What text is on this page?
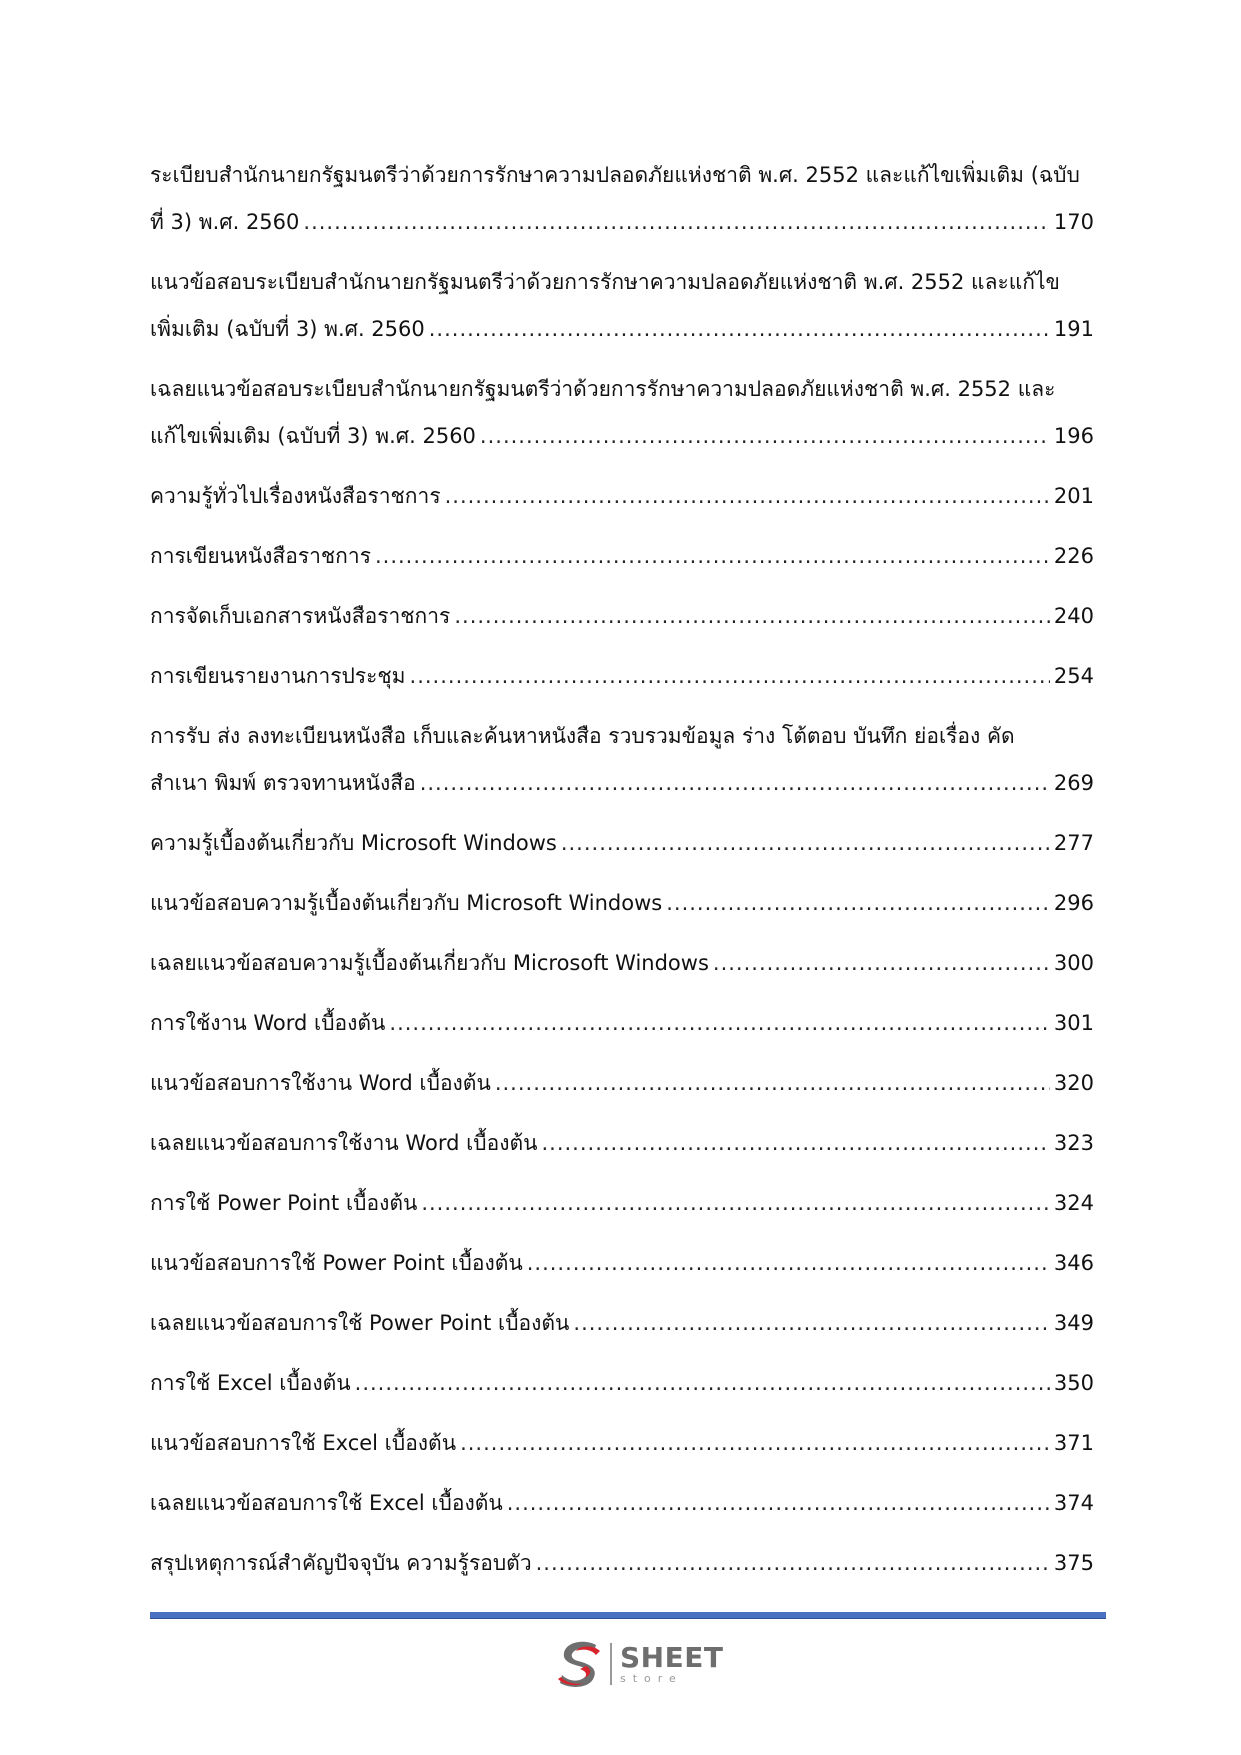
ระเบียบสำนักนายกรัฐมนตรีว่าด้วยการรักษาความปลอดภัยแห่งชาติ พ.ศ. 2552 และแก้ไขเพิ่มเติม (ฉบับ
ที่ 3) พ.ศ. 2560 .....	170
แนวข้อสอบระเบียบสำนักนายกรัฐมนตรีว่าด้วยการรักษาความปลอดภัยแห่งชาติ พ.ศ. 2552 และแก้ไข
เพิ่มเติม (ฉบับที่ 3) พ.ศ. 2560 .....	191
เฉลยแนวข้อสอบระเบียบสำนักนายกรัฐมนตรีว่าด้วยการรักษาความปลอดภัยแห่งชาติ พ.ศ. 2552 และ
แก้ไขเพิ่มเติม (ฉบับที่ 3) พ.ศ. 2560 .....	196
ความรู้ทั่วไปเรื่องหนังสือราชการ .....	201
การเขียนหนังสือราชการ .....	226
การจัดเก็บเอกสารหนังสือราชการ .....	240
การเขียนรายงานการประชุม .....	254
การรับ ส่ง ลงทะเบียนหนังสือ เก็บและค้นหาหนังสือ รวบรวมข้อมูล ร่าง โต้ตอบ บันทึก ย่อเรื่อง คัด
สำเนา พิมพ์ ตรวจทานหนังสือ .....	269
ความรู้เบื้องต้นเกี่ยวกับ Microsoft Windows .....	277
แนวข้อสอบความรู้เบื้องต้นเกี่ยวกับ Microsoft Windows .....	296
เฉลยแนวข้อสอบความรู้เบื้องต้นเกี่ยวกับ Microsoft Windows .....	300
การใช้งาน Word เบื้องต้น .....	301
แนวข้อสอบการใช้งาน Word เบื้องต้น .....	320
เฉลยแนวข้อสอบการใช้งาน Word เบื้องต้น .....	323
การใช้ Power Point เบื้องต้น .....	324
แนวข้อสอบการใช้ Power Point เบื้องต้น .....	346
เฉลยแนวข้อสอบการใช้ Power Point เบื้องต้น .....	349
การใช้ Excel เบื้องต้น .....	350
แนวข้อสอบการใช้ Excel เบื้องต้น .....	371
เฉลยแนวข้อสอบการใช้ Excel เบื้องต้น .....	374
สรุปเหตุการณ์สำคัญปัจจุบัน ความรู้รอบตัว .....	375
SHEET
store
